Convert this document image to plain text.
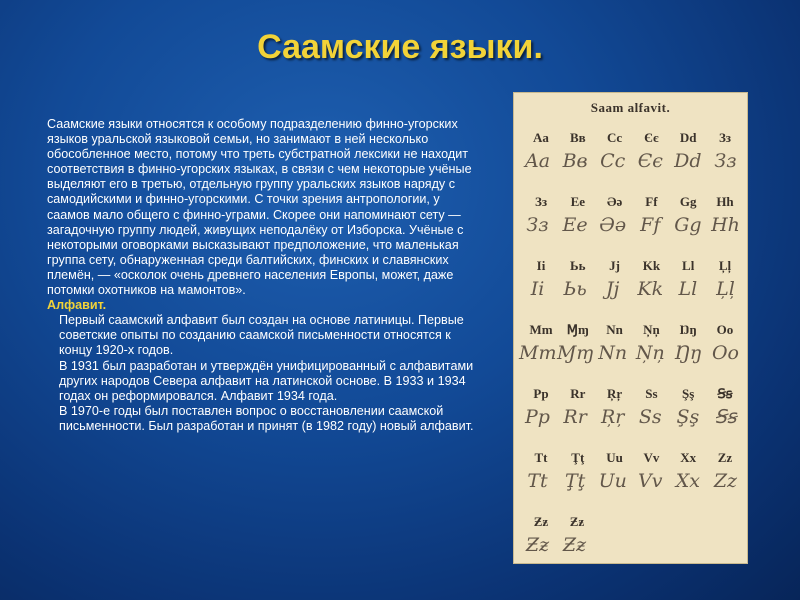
Саамские языки.

Саамские языки относятся к особому подразделению финно-угорских языков уральской языковой семьи, но занимают в ней несколько обособленное место, потому что треть субстратной лексики не находит соответствия в финно-угорских языках, в связи с чем некоторые учёные выделяют его в третью, отдельную группу уральских языков наряду с самодийскими и финно-угорскими. С точки зрения антропологии, у саамов мало общего с финно-уграми. Скорее они напоминают сету — загадочную группу людей, живущих неподалёку от Изборска. Учёные с некоторыми оговорками высказывают предположение, что маленькая группа сету, обнаруженная среди балтийских, финских и славянских племён, — «осколок очень древнего населения Европы, может, даже потомки охотников на мамонтов».

Алфавит.

Первый саамский алфавит был создан на основе латиницы. Первые советские опыты по созданию саамской письменности относятся к концу 1920-х годов.

В 1931 был разработан и утверждён унифицированный с алфавитами других народов Севера алфавит на латинской основе. В 1933 и 1934 годах он реформировался. Алфавит 1934 года.

В 1970-е годы был поставлен вопрос о восстановлении саамской письменности. Был разработан и принят (в 1982 году) новый алфавит.

Saam alfavit.
Aa	Вв	Cc	Єє	Dd	Зз
Aa Вв Cc Єє Dd Зз
Зз	Ee	Əə	Ff	Gg	Hh
Зз Ee Əə Ff Gg Hh
Ii	Ьь	Jj	Kk	Ll	Ļļ
Ii	Ьь	Jj Kk Ll Ļļ
Mm	Ɱɱ	Nn	Ņņ	Ŋŋ	Oo
Mm Ɱɱ Nn Ņņ Ŋŋ Oo
Pp	Rr	Ŗŗ	Ss	Şş	Ꞩꞩ
Pp Rr Ŗŗ Ss Şş Ꞩꞩ
Tt	Ţţ	Uu	Vv	Xx	Zz
Tt Ţţ Uu Vv Xx Zz
Ƶƶ	Ƶƶ
Ƶƶ Ƶƶ
